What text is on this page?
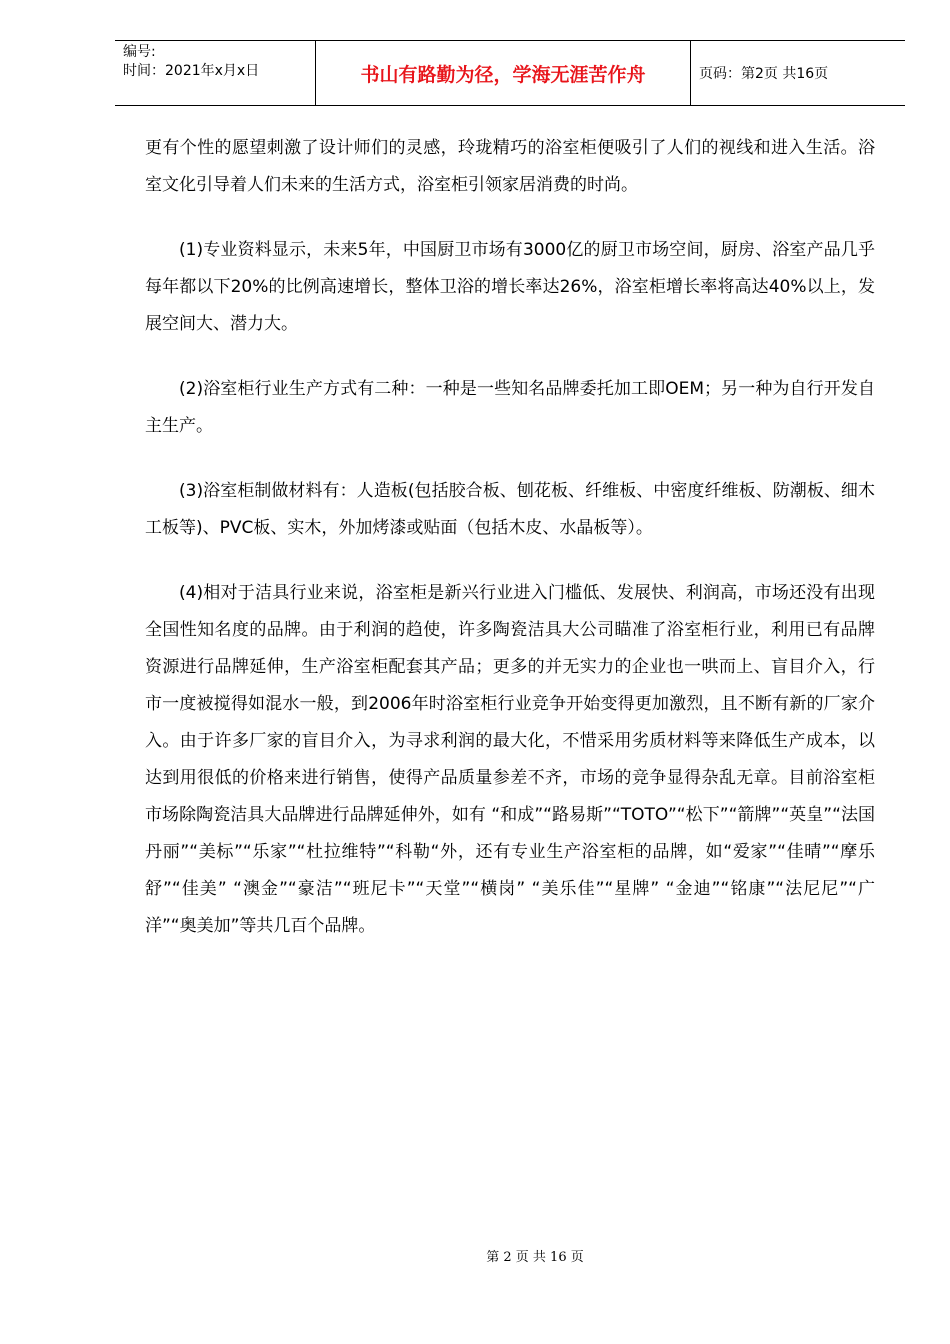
编号:
时间：2021年x月x日	书山有路勤为径，学海无涯苦作舟	页码：第2页 共16页

更有个性的愿望刺激了设计师们的灵感，玲珑精巧的浴室柜便吸引了人们的视线和进入生活。浴室文化引导着人们未来的生活方式，浴室柜引领家居消费的时尚。

(1)专业资料显示，未来5年，中国厨卫市场有3000亿的厨卫市场空间，厨房、浴室产品几乎每年都以下20%的比例高速增长，整体卫浴的增长率达26%，浴室柜增长率将高达40%以上，发展空间大、潜力大。

(2)浴室柜行业生产方式有二种：一种是一些知名品牌委托加工即OEM；另一种为自行开发自主生产。

(3)浴室柜制做材料有：人造板(包括胶合板、刨花板、纤维板、中密度纤维板、防潮板、细木工板等)、PVC板、实木，外加烤漆或贴面（包括木皮、水晶板等）。

(4)相对于洁具行业来说，浴室柜是新兴行业进入门槛低、发展快、利润高，市场还没有出现全国性知名度的品牌。由于利润的趋使，许多陶瓷洁具大公司瞄准了浴室柜行业，利用已有品牌资源进行品牌延伸，生产浴室柜配套其产品；更多的并无实力的企业也一哄而上、盲目介入，行市一度被搅得如混水一般，到2006年时浴室柜行业竞争开始变得更加激烈，且不断有新的厂家介入。由于许多厂家的盲目介入，为寻求利润的最大化，不惜采用劣质材料等来降低生产成本，以达到用很低的价格来进行销售，使得产品质量参差不齐，市场的竞争显得杂乱无章。目前浴室柜市场除陶瓷洁具大品牌进行品牌延伸外，如有 “和成”“路易斯”“TOTO”“松下”“箭牌”“英皇”“法国丹丽”“美标”“乐家”“杜拉维特”“科勒“外，还有专业生产浴室柜的品牌，如“爱家”“佳晴”“摩乐舒”“佳美” “澳金”“豪洁”“班尼卡”“天堂”“横岗” “美乐佳”“星牌” “金迪”“铭康”“法尼尼”“广洋”“奥美加”等共几百个品牌。

第 2 页 共 16 页
